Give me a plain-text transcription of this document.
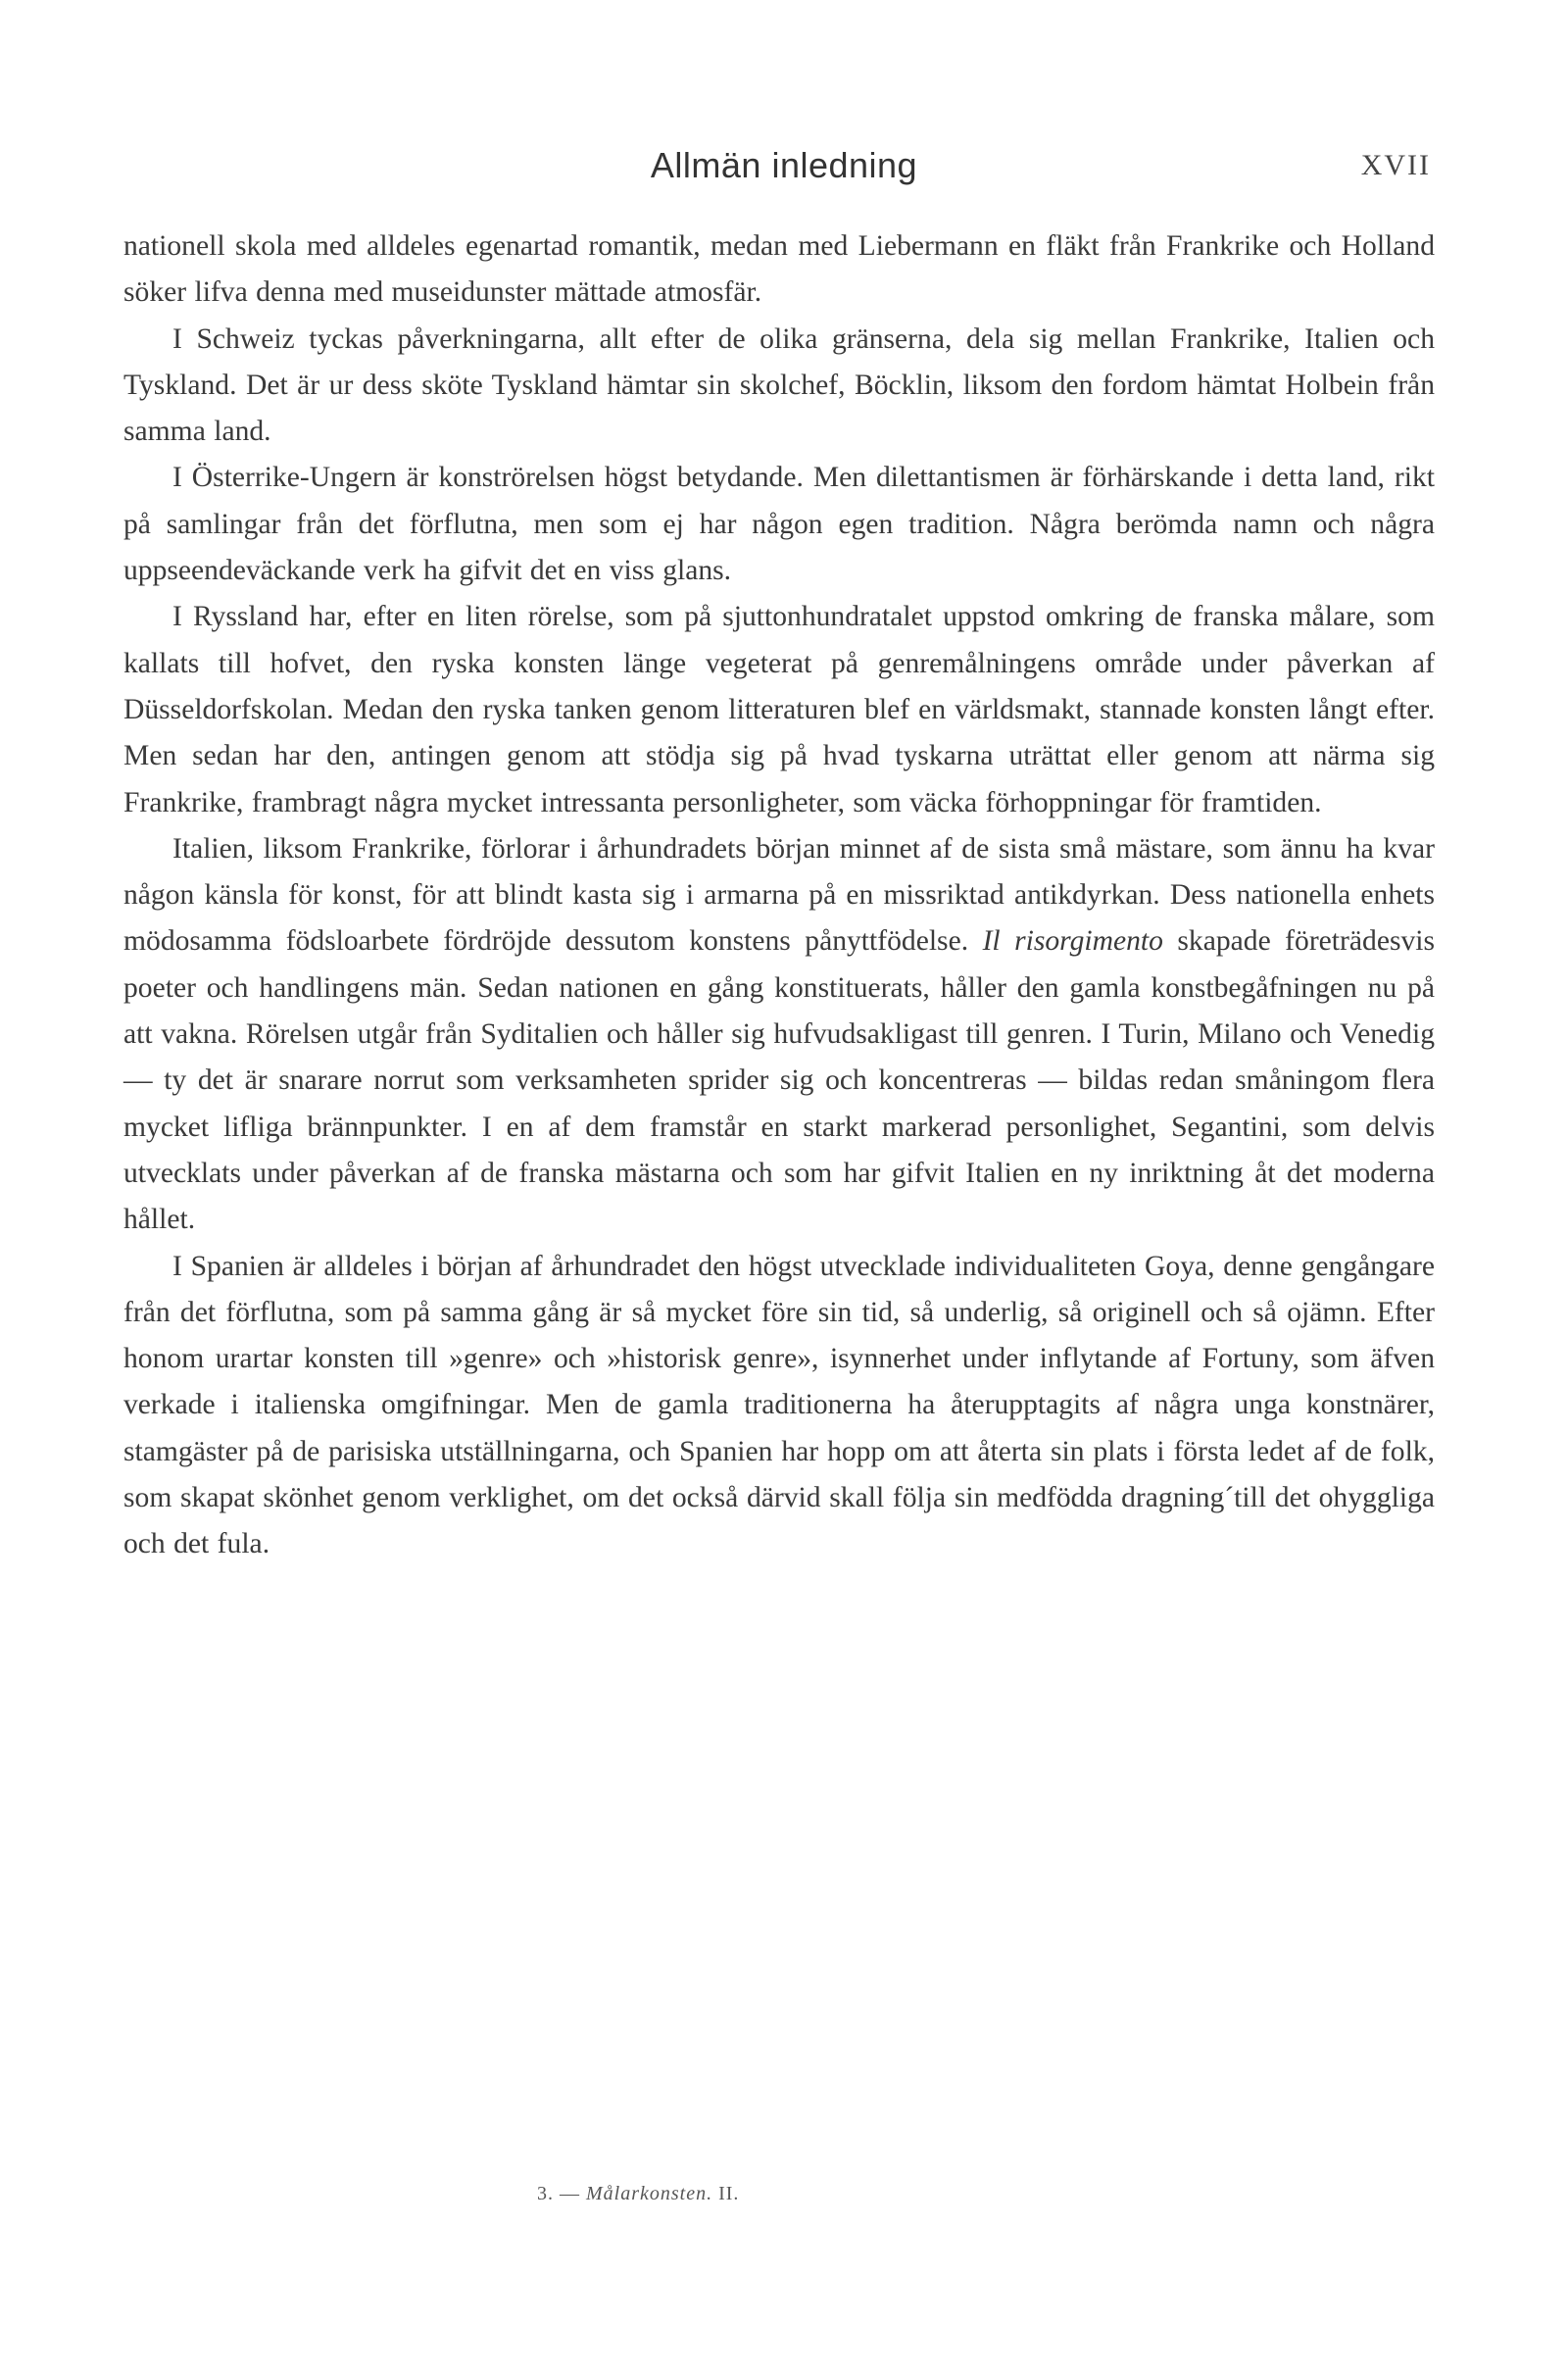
Allmän inledning	XVII

nationell skola med alldeles egenartad romantik, medan med Liebermann en fläkt från Frankrike och Holland söker lifva denna med museidunster mättade atmosfär.

I Schweiz tyckas påverkningarna, allt efter de olika gränserna, dela sig mellan Frankrike, Italien och Tyskland. Det är ur dess sköte Tyskland hämtar sin skolchef, Böcklin, liksom den fordom hämtat Holbein från samma land.

I Österrike-Ungern är konströrelsen högst betydande. Men dilettantismen är förhärskande i detta land, rikt på samlingar från det förflutna, men som ej har någon egen tradition. Några berömda namn och några uppseendeväckande verk ha gifvit det en viss glans.

I Ryssland har, efter en liten rörelse, som på sjuttonhundratalet uppstod omkring de franska målare, som kallats till hofvet, den ryska konsten länge vegeterat på genremålningens område under påverkan af Düsseldorfskolan. Medan den ryska tanken genom litteraturen blef en världsmakt, stannade konsten långt efter. Men sedan har den, antingen genom att stödja sig på hvad tyskarna uträttat eller genom att närma sig Frankrike, frambragt några mycket intressanta personligheter, som väcka förhoppningar för framtiden.

Italien, liksom Frankrike, förlorar i århundradets början minnet af de sista små mästare, som ännu ha kvar någon känsla för konst, för att blindt kasta sig i armarna på en missriktad antikdyrkan. Dess nationella enhets mödosamma födsloarbete fördröjde dessutom konstens pånyttfödelse. Il risorgimento skapade företrädesvis poeter och handlingens män. Sedan nationen en gång konstituerats, håller den gamla konstbegåfningen nu på att vakna. Rörelsen utgår från Syditalien och håller sig hufvudsakligast till genren. I Turin, Milano och Venedig — ty det är snarare norrut som verksamheten sprider sig och koncentreras — bildas redan småningom flera mycket lifliga brännpunkter. I en af dem framstår en starkt markerad personlighet, Segantini, som delvis utvecklats under påverkan af de franska mästarna och som har gifvit Italien en ny inriktning åt det moderna hållet.

I Spanien är alldeles i början af århundradet den högst utvecklade individualiteten Goya, denne gengångare från det förflutna, som på samma gång är så mycket före sin tid, så underlig, så originell och så ojämn. Efter honom urartar konsten till »genre» och »historisk genre», isynnerhet under inflytande af Fortuny, som äfven verkade i italienska omgifningar. Men de gamla traditionerna ha återupptagits af några unga konstnärer, stamgäster på de parisiska utställningarna, och Spanien har hopp om att återta sin plats i första ledet af de folk, som skapat skönhet genom verklighet, om det också därvid skall följa sin medfödda dragning´till det ohyggliga och det fula.

3. — Målarkonsten. II.
